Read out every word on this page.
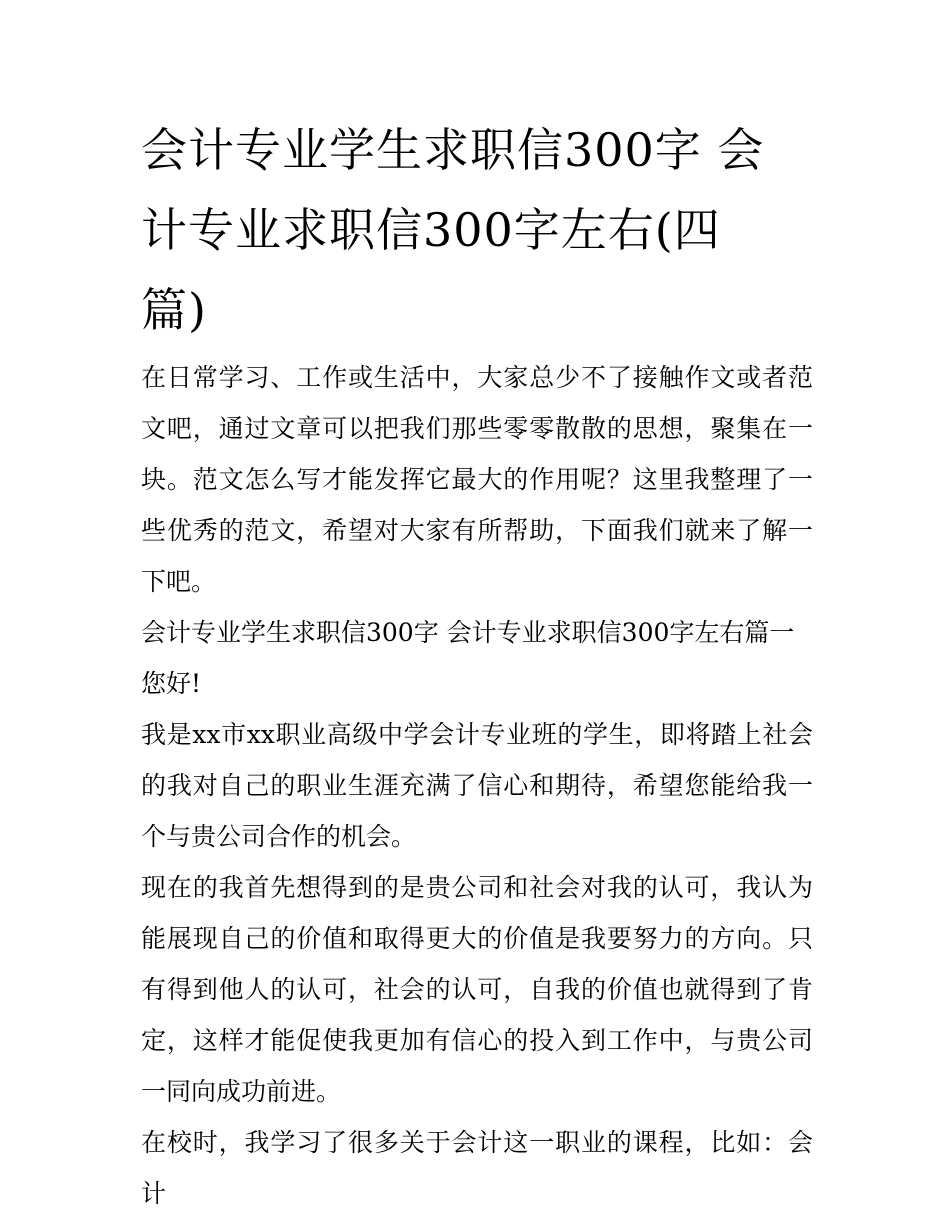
会计专业学生求职信300字 会
计专业求职信300字左右(四
篇)

在日常学习、工作或生活中，大家总少不了接触作文或者范文吧，通过文章可以把我们那些零零散散的思想，聚集在一块。范文怎么写才能发挥它最大的作用呢？这里我整理了一些优秀的范文，希望对大家有所帮助，下面我们就来了解一下吧。

会计专业学生求职信300字 会计专业求职信300字左右篇一

您好!

我是xx市xx职业高级中学会计专业班的学生，即将踏上社会的我对自己的职业生涯充满了信心和期待，希望您能给我一个与贵公司合作的机会。

现在的我首先想得到的是贵公司和社会对我的认可，我认为能展现自己的价值和取得更大的价值是我要努力的方向。只有得到他人的认可，社会的认可，自我的价值也就得到了肯定，这样才能促使我更加有信心的投入到工作中，与贵公司一同向成功前进。

在校时，我学习了很多关于会计这一职业的课程，比如：会计
